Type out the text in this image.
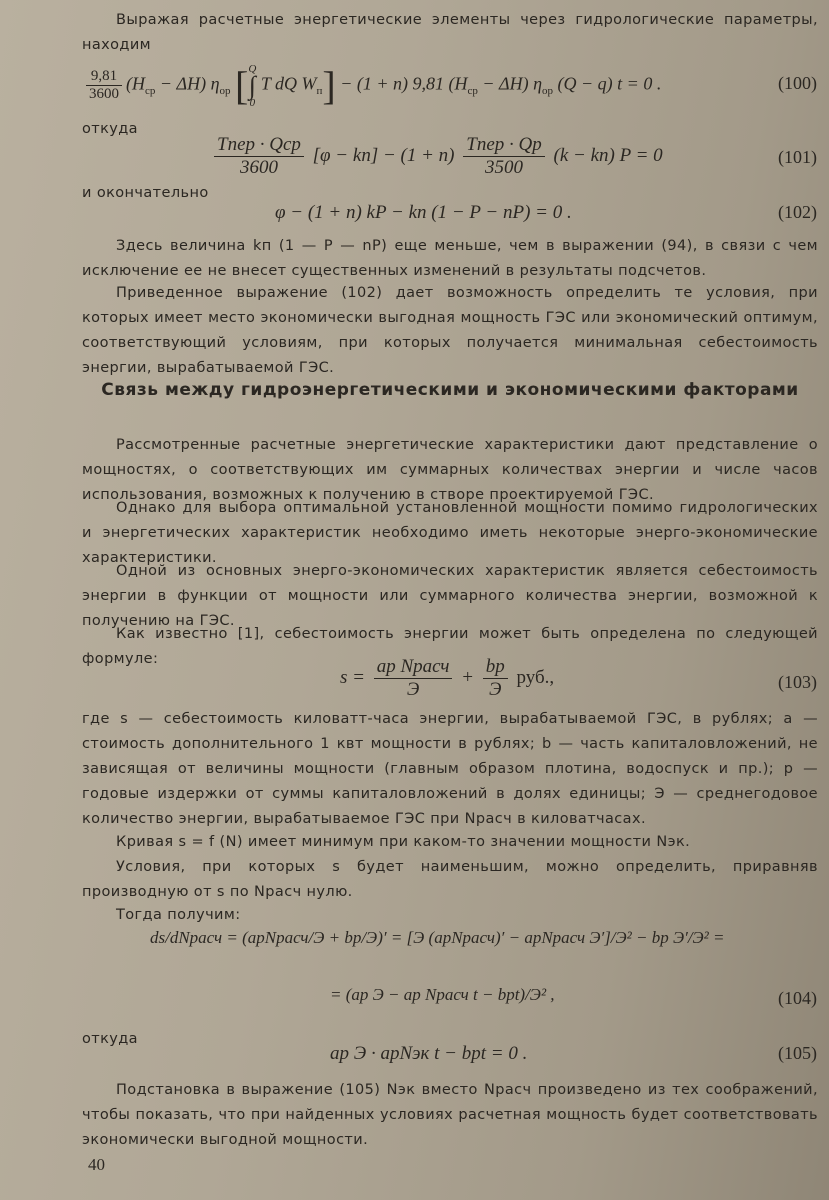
Выражая расчетные энергетические элементы через гидрологические параметры, находим
$\frac{9,81}{3600} (H_{ср} - \Delta H)$ $\eta_{ор}$ [ Q
∫
0
T dQ $W_п] - (1 + n)$ 9,81 $(H_{ср} - \Delta H)$ $\eta_{ор}$ (Q − q) t = 0 .	(100)
откуда
$\frac{\text{Tпер · Qср}}{3600} [\varphi - kп] - (1 + n) \frac{\text{Tпер · Qр}}{3500} (k - kп) P = 0$	(101)
и окончательно
φ − (1 + n) kP − kп (1 − P − nP) = 0 .	(102)
Здесь величина kп (1 — P — nP) еще меньше, чем в выражении (94), в связи с чем исключение ее не внесет существенных изменений в результаты подсчетов.
Приведенное выражение (102) дает возможность определить те условия, при которых имеет место экономически выгодная мощность ГЭС или экономический оптимум, соответствующий условиям, при которых получается минимальная себестоимость энергии, вырабатываемой ГЭС.
Связь между гидроэнергетическими и экономическими факторами
Рассмотренные расчетные энергетические характеристики дают представление о мощностях, о соответствующих им суммарных количествах энергии и числе часов использования, возможных к получению в створе проектируемой ГЭС.
Однако для выбора оптимальной установленной мощности помимо гидрологических и энергетических характеристик необходимо иметь некоторые энерго-экономические характеристики.
Одной из основных энерго-экономических характеристик является себестоимость энергии в функции от мощности или суммарного количества энергии, возможной к получению на ГЭС.
Как известно [1], себестоимость энергии может быть определена по следующей формуле:
$s = \frac{\text{ap Nрасч}}{Э} + \frac{bp}{Э}$ руб.,	(103)
где s — себестоимость киловатт-часа энергии, вырабатываемой ГЭС, в рублях; a — стоимость дополнительного 1 квт мощности в рублях; b — часть капиталовложений, не зависящая от величины мощности (главным образом плотина, водоспуск и пр.); p — годовые издержки от суммы капиталовложений в долях единицы; Э — среднегодовое количество энергии, вырабатываемое ГЭС при Nрасч в киловатчасах.
Кривая s = f (N) имеет минимум при каком-то значении мощности Nэк.
Условия, при которых s будет наименьшим, можно определить, приравняв производную от s по Nрасч нулю.
Тогда получим:
ds/dNрасч = (apNрасч/Э + bp/Э)′ = [Э (apNрасч)′ − apNрасч Э′]/Э² − bp Э′/Э² =
= (ap Э − ap Nрасч t − bpt)/Э² ,	(104)
откуда
ap Э · apNэк t − bpt = 0 .	(105)
Подстановка в выражение (105) Nэк вместо Nрасч произведено из тех соображений, чтобы показать, что при найденных условиях расчетная мощность будет соответствовать экономически выгодной мощности.
40
